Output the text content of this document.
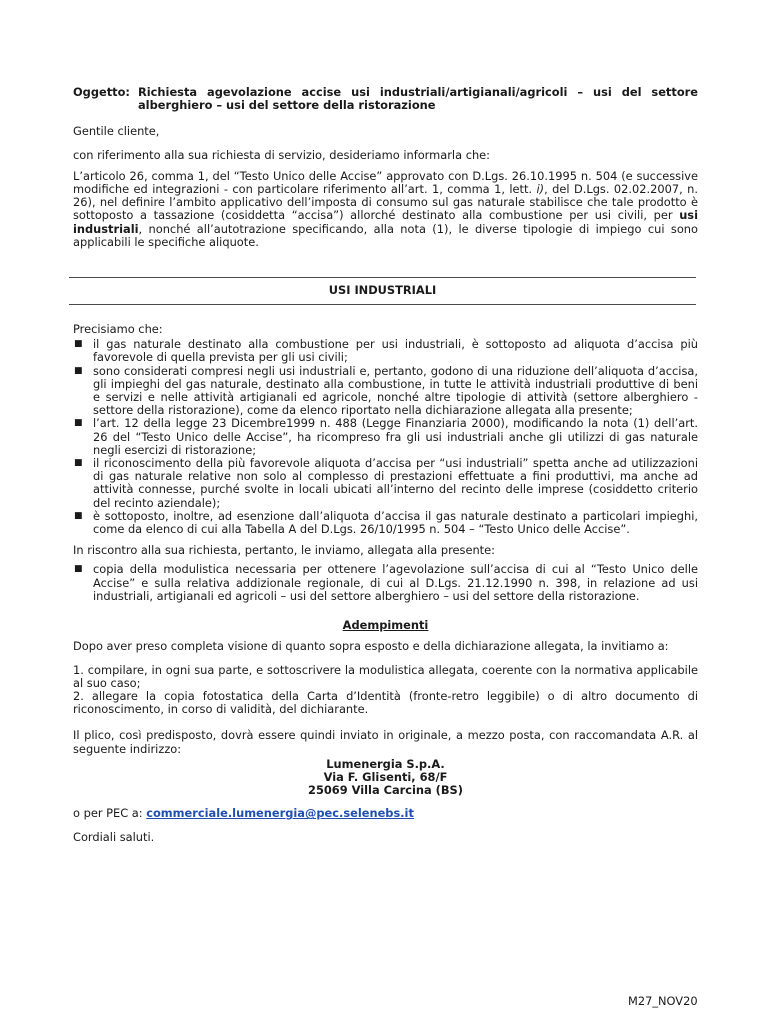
Oggetto: Richiesta agevolazione accise usi industriali/artigianali/agricoli – usi del settore alberghiero – usi del settore della ristorazione

Gentile cliente,

con riferimento alla sua richiesta di servizio, desideriamo informarla che:

L’articolo 26, comma 1, del “Testo Unico delle Accise” approvato con D.Lgs. 26.10.1995 n. 504 (e successive modifiche ed integrazioni - con particolare riferimento all’art. 1, comma 1, lett. i), del D.Lgs. 02.02.2007, n. 26), nel definire l’ambito applicativo dell’imposta di consumo sul gas naturale stabilisce che tale prodotto è sottoposto a tassazione (cosiddetta “accisa”) allorché destinato alla combustione per usi civili, per usi industriali, nonché all’autotrazione specificando, alla nota (1), le diverse tipologie di impiego cui sono applicabili le specifiche aliquote.

USI INDUSTRIALI

Precisiamo che:

■ il gas naturale destinato alla combustione per usi industriali, è sottoposto ad aliquota d’accisa più favorevole di quella prevista per gli usi civili;
■ sono considerati compresi negli usi industriali e, pertanto, godono di una riduzione dell’aliquota d’accisa, gli impieghi del gas naturale, destinato alla combustione, in tutte le attività industriali produttive di beni e servizi e nelle attività artigianali ed agricole, nonché altre tipologie di attività (settore alberghiero - settore della ristorazione), come da elenco riportato nella dichiarazione allegata alla presente;
■ l’art. 12 della legge 23 Dicembre1999 n. 488 (Legge Finanziaria 2000), modificando la nota (1) dell’art. 26 del “Testo Unico delle Accise”, ha ricompreso fra gli usi industriali anche gli utilizzi di gas naturale negli esercizi di ristorazione;
■ il riconoscimento della più favorevole aliquota d’accisa per “usi industriali” spetta anche ad utilizzazioni di gas naturale relative non solo al complesso di prestazioni effettuate a fini produttivi, ma anche ad attività connesse, purché svolte in locali ubicati all’interno del recinto delle imprese (cosiddetto criterio del recinto aziendale);
■ è sottoposto, inoltre, ad esenzione dall’aliquota d’accisa il gas naturale destinato a particolari impieghi, come da elenco di cui alla Tabella A del D.Lgs. 26/10/1995 n. 504 – “Testo Unico delle Accise”.

In riscontro alla sua richiesta, pertanto, le inviamo, allegata alla presente:

■ copia della modulistica necessaria per ottenere l’agevolazione sull’accisa di cui al “Testo Unico delle Accise” e sulla relativa addizionale regionale, di cui al D.Lgs. 21.12.1990 n. 398, in relazione ad usi industriali, artigianali ed agricoli – usi del settore alberghiero – usi del settore della ristorazione.
Adempimenti

Dopo aver preso completa visione di quanto sopra esposto e della dichiarazione allegata, la invitiamo a:

1. compilare, in ogni sua parte, e sottoscrivere la modulistica allegata, coerente con la normativa applicabile al suo caso;

2. allegare la copia fotostatica della Carta d’Identità (fronte-retro leggibile) o di altro documento di riconoscimento, in corso di validità, del dichiarante.

Il plico, così predisposto, dovrà essere quindi inviato in originale, a mezzo posta, con raccomandata A.R. al seguente indirizzo:

Lumenergia S.p.A.
Via F. Glisenti, 68/F
25069 Villa Carcina (BS)

o per PEC a: commerciale.lumenergia@pec.selenebs.it

Cordiali saluti.

M27_NOV20
